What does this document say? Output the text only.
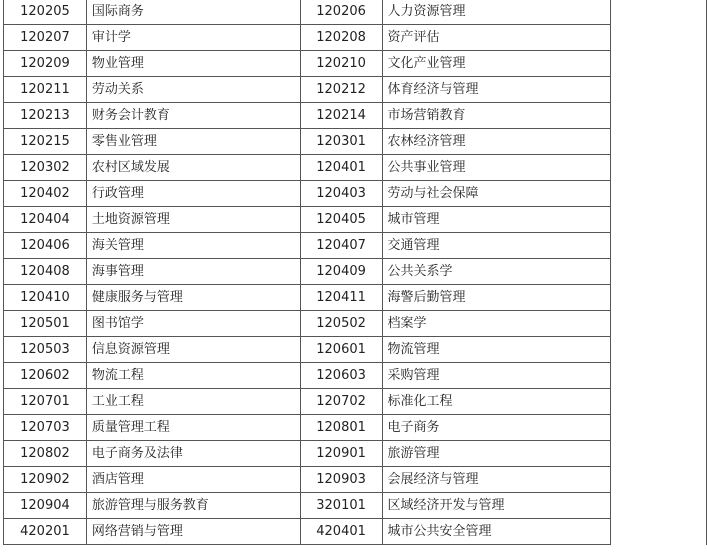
120205	国际商务	120206	人力资源管理	
120207	审计学	120208	资产评估	
120209	物业管理	120210	文化产业管理	
120211	劳动关系	120212	体育经济与管理	
120213	财务会计教育	120214	市场营销教育	
120215	零售业管理	120301	农林经济管理	
120302	农村区域发展	120401	公共事业管理	
120402	行政管理	120403	劳动与社会保障	
120404	土地资源管理	120405	城市管理	
120406	海关管理	120407	交通管理	
120408	海事管理	120409	公共关系学	
120410	健康服务与管理	120411	海警后勤管理	
120501	图书馆学	120502	档案学	
120503	信息资源管理	120601	物流管理	
120602	物流工程	120603	采购管理	
120701	工业工程	120702	标准化工程	
120703	质量管理工程	120801	电子商务	
120802	电子商务及法律	120901	旅游管理	
120902	酒店管理	120903	会展经济与管理	
120904	旅游管理与服务教育	320101	区域经济开发与管理	
420201	网络营销与管理	420401	城市公共安全管理	
